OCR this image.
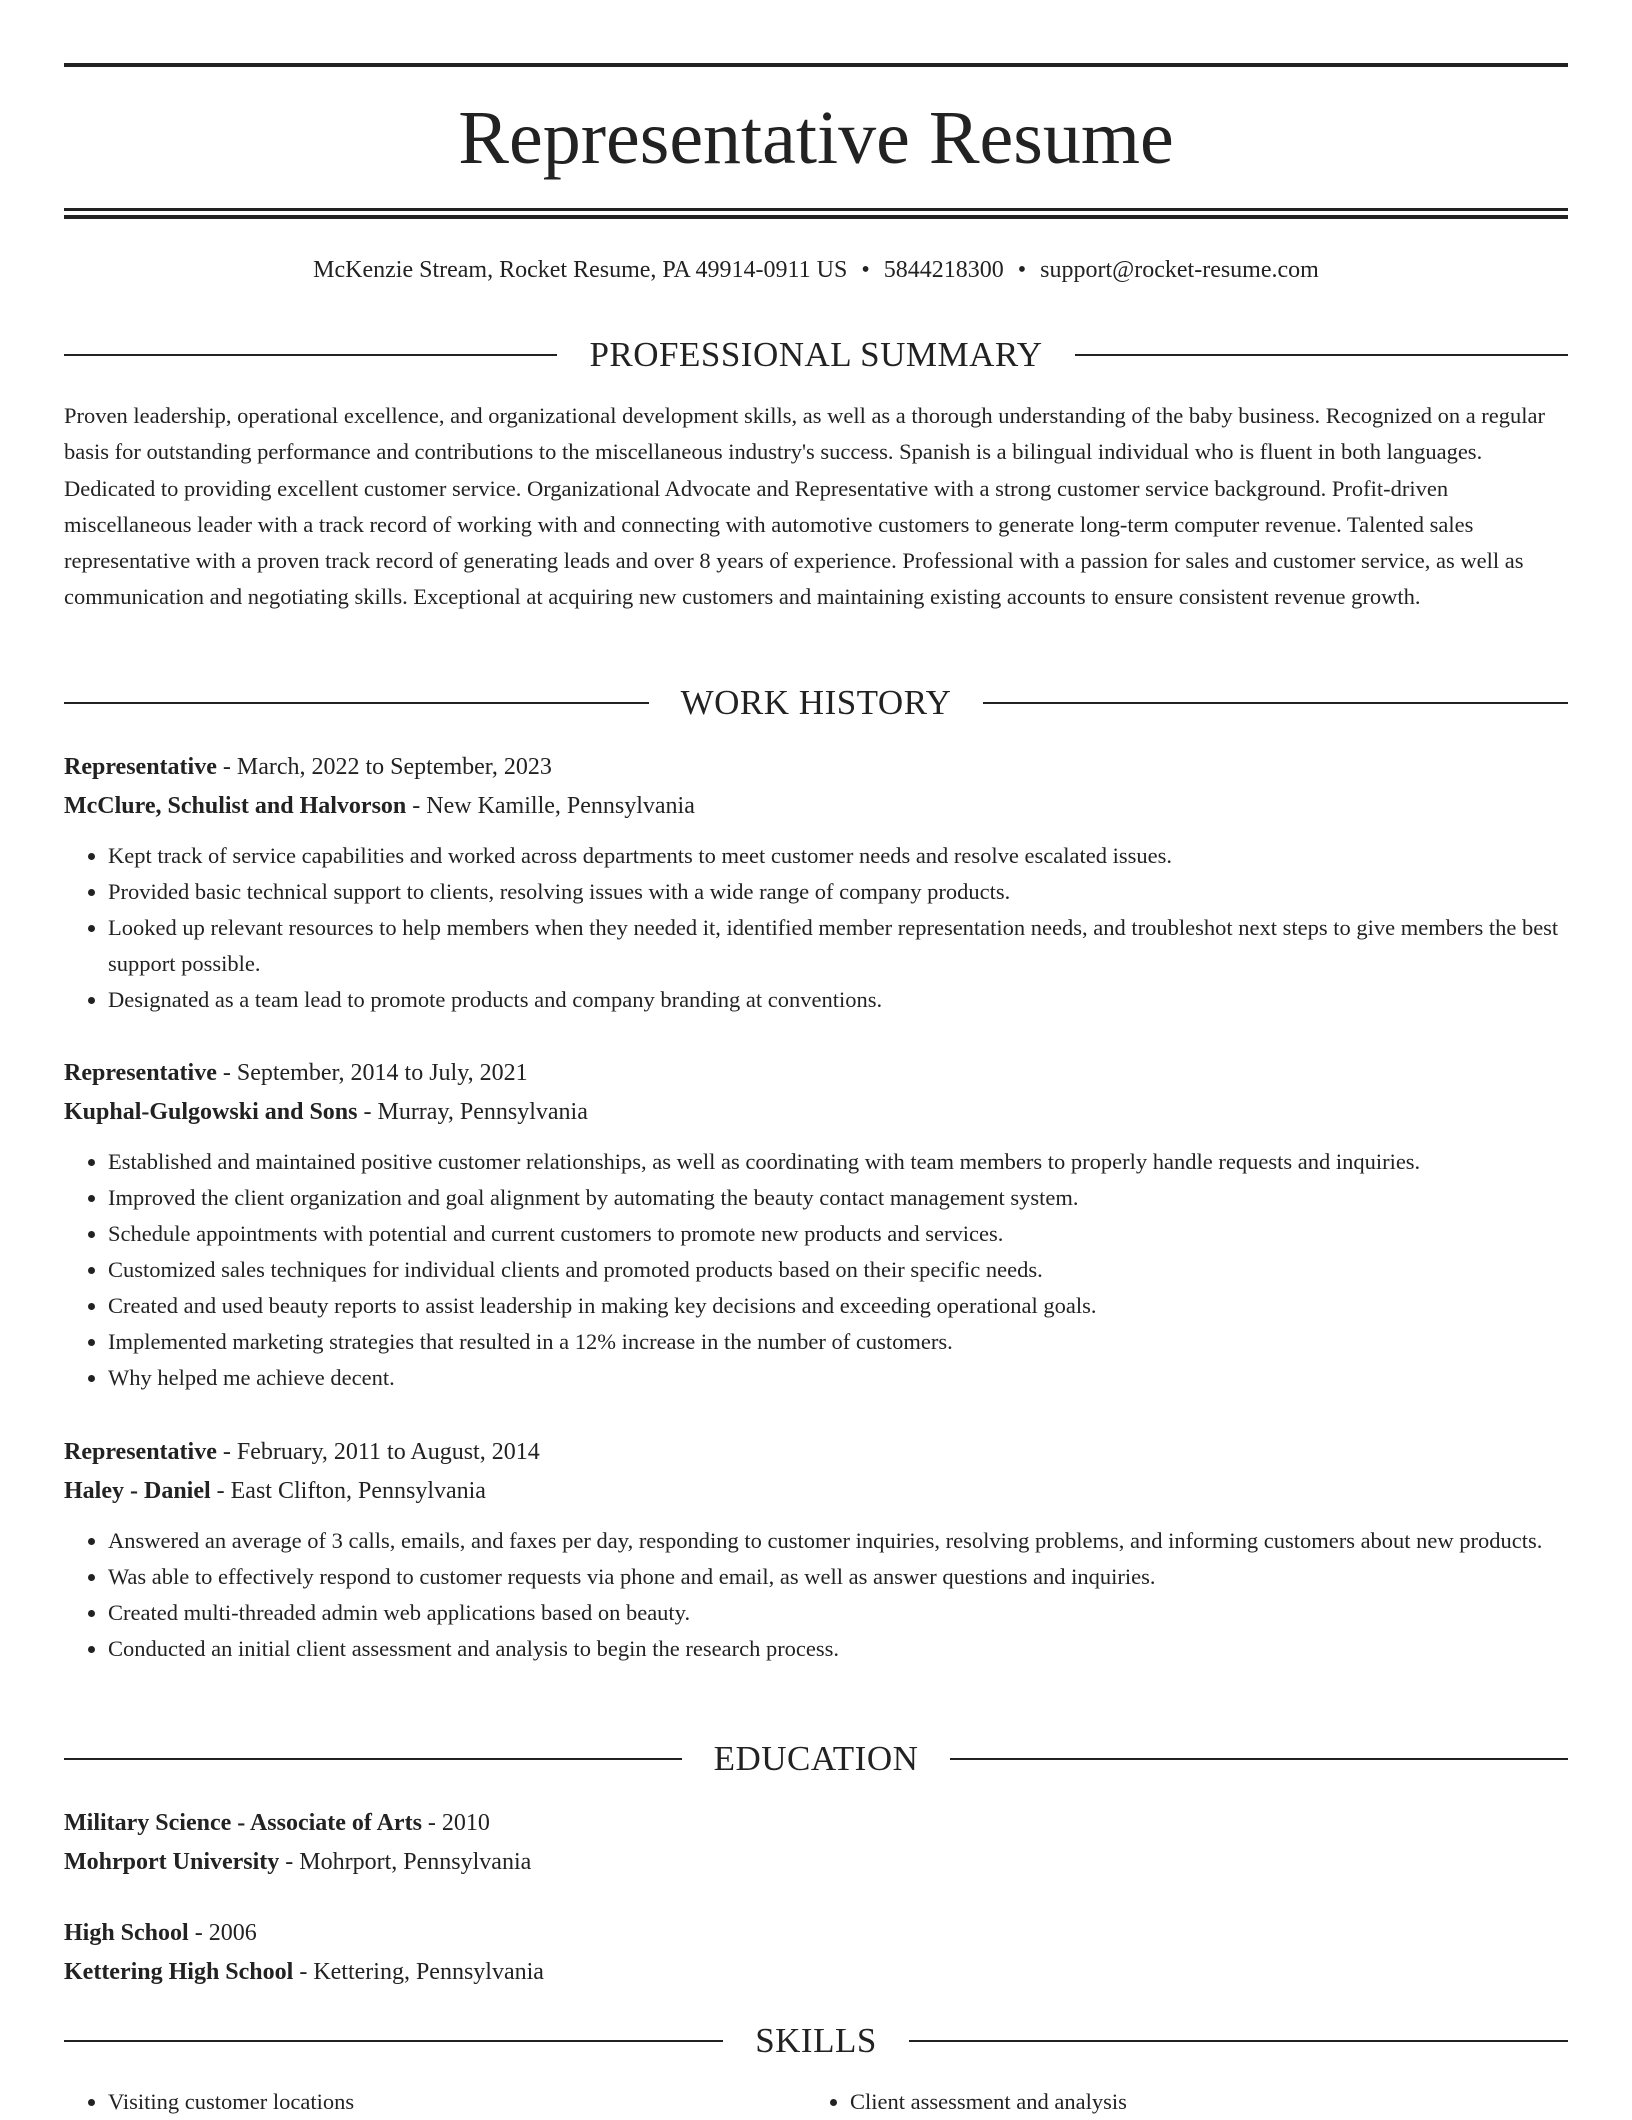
Representative Resume
McKenzie Stream, Rocket Resume, PA 49914-0911 US • 5844218300 • support@rocket-resume.com
PROFESSIONAL SUMMARY

Proven leadership, operational excellence, and organizational development skills, as well as a thorough understanding of the baby business. Recognized on a regular basis for outstanding performance and contributions to the miscellaneous industry's success. Spanish is a bilingual individual who is fluent in both languages. Dedicated to providing excellent customer service. Organizational Advocate and Representative with a strong customer service background. Profit-driven miscellaneous leader with a track record of working with and connecting with automotive customers to generate long-term computer revenue. Talented sales representative with a proven track record of generating leads and over 8 years of experience. Professional with a passion for sales and customer service, as well as communication and negotiating skills. Exceptional at acquiring new customers and maintaining existing accounts to ensure consistent revenue growth.

WORK HISTORY
Representative - March, 2022 to September, 2023
McClure, Schulist and Halvorson - New Kamille, Pennsylvania
• Kept track of service capabilities and worked across departments to meet customer needs and resolve escalated issues.
• Provided basic technical support to clients, resolving issues with a wide range of company products.
• Looked up relevant resources to help members when they needed it, identified member representation needs, and troubleshot next steps to give members the best support possible.
• Designated as a team lead to promote products and company branding at conventions.
Representative - September, 2014 to July, 2021
Kuphal-Gulgowski and Sons - Murray, Pennsylvania
• Established and maintained positive customer relationships, as well as coordinating with team members to properly handle requests and inquiries.
• Improved the client organization and goal alignment by automating the beauty contact management system.
• Schedule appointments with potential and current customers to promote new products and services.
• Customized sales techniques for individual clients and promoted products based on their specific needs.
• Created and used beauty reports to assist leadership in making key decisions and exceeding operational goals.
• Implemented marketing strategies that resulted in a 12% increase in the number of customers.
• Why helped me achieve decent.
Representative - February, 2011 to August, 2014
Haley - Daniel - East Clifton, Pennsylvania
• Answered an average of 3 calls, emails, and faxes per day, responding to customer inquiries, resolving problems, and informing customers about new products.
• Was able to effectively respond to customer requests via phone and email, as well as answer questions and inquiries.
• Created multi-threaded admin web applications based on beauty.
• Conducted an initial client assessment and analysis to begin the research process.
EDUCATION
Military Science - Associate of Arts - 2010
Mohrport University - Mohrport, Pennsylvania
High School - 2006
Kettering High School - Kettering, Pennsylvania
SKILLS
• Visiting customer locations
•	Client assessment and analysis
